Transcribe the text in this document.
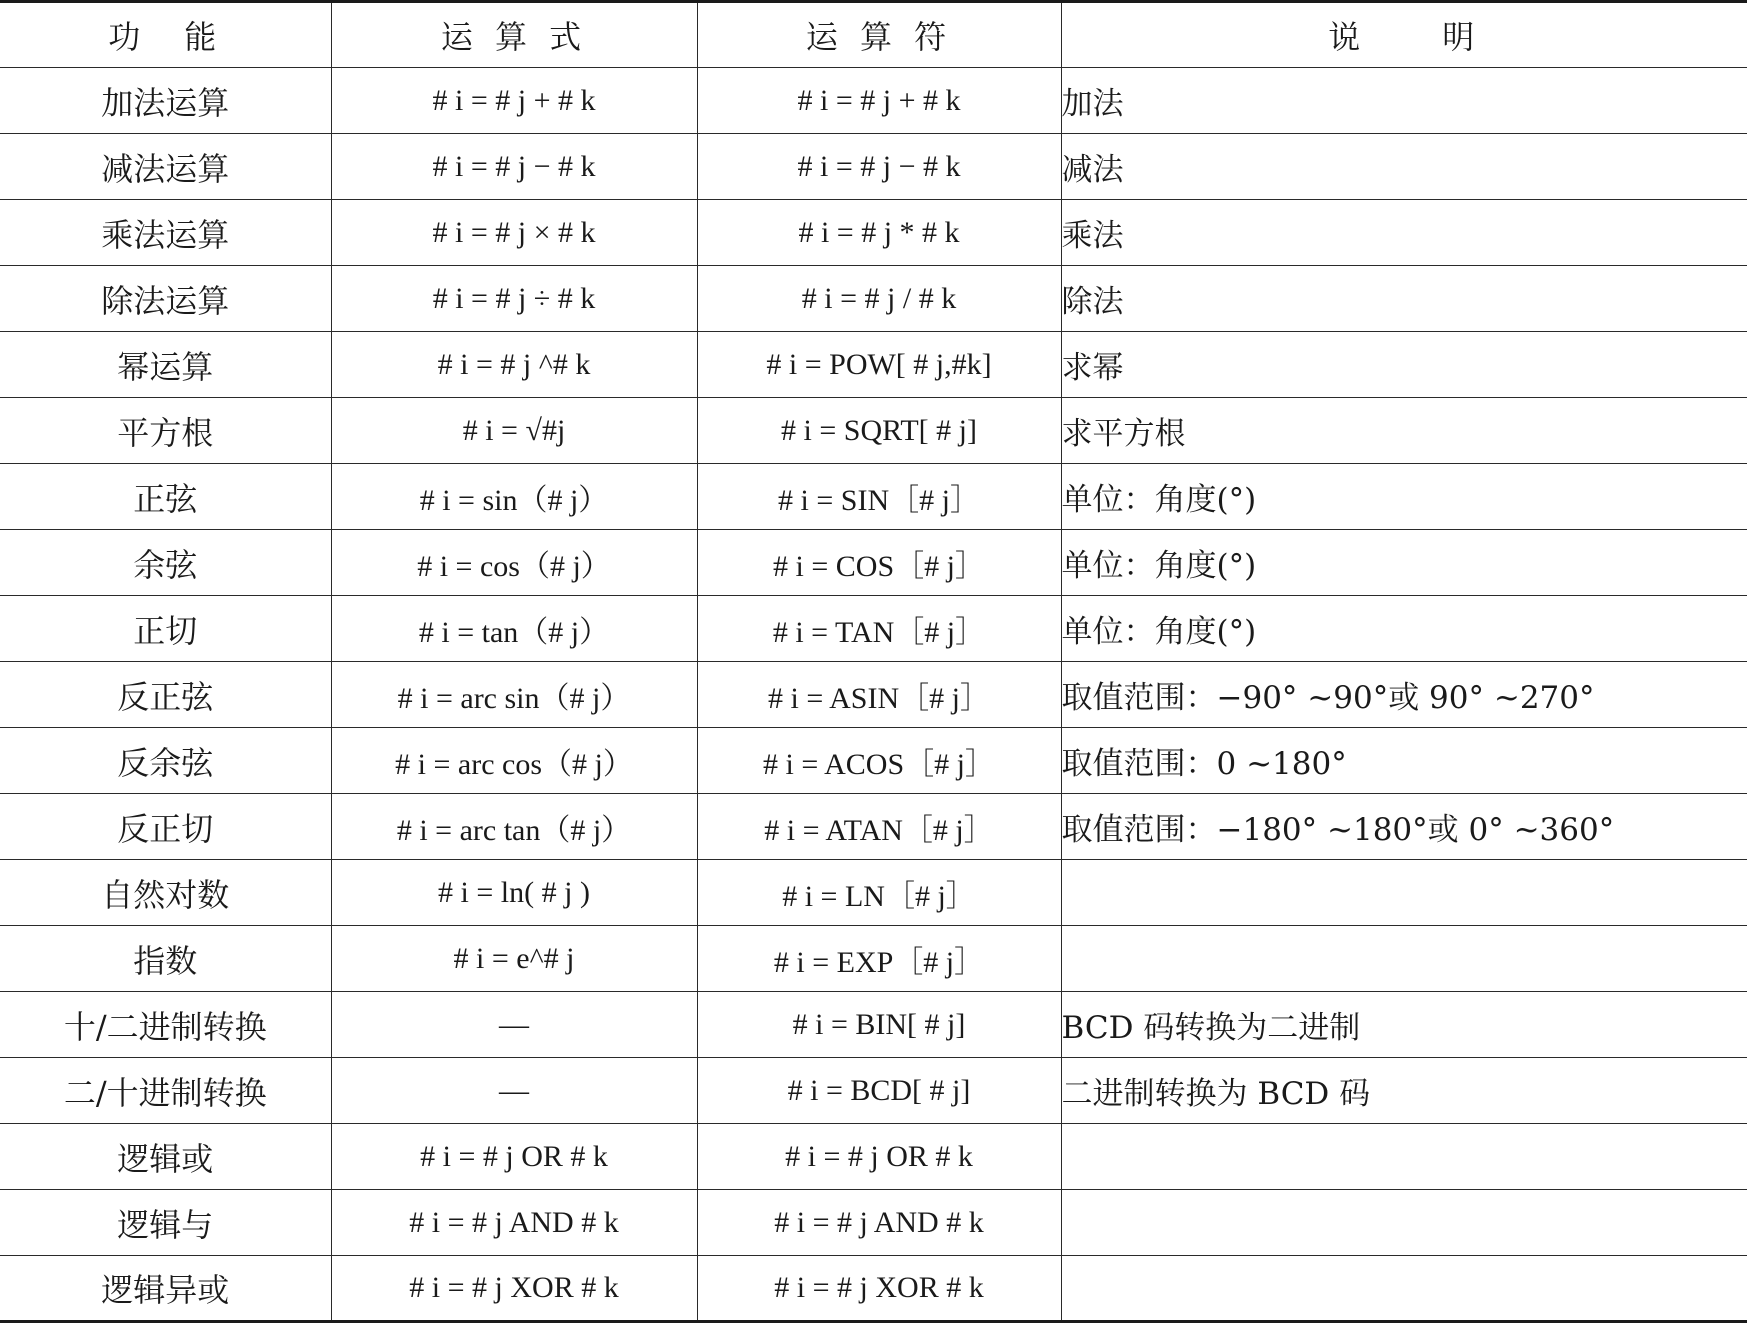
功　能	运 算 式	运 算 符	说　　明
加法运算	# i = # j + # k	# i = # j + # k	加法
减法运算	# i = # j − # k	# i = # j − # k	减法
乘法运算	# i = # j × # k	# i = # j * # k	乘法
除法运算	# i = # j ÷ # k	# i = # j / # k	除法
幂运算	# i = # j ^# k	# i = POW[ # j,#k]	求幂
平方根	# i = √#j	# i = SQRT[ # j]	求平方根
正弦	# i = sin（# j）	# i = SIN［# j］	单位：角度(°)
余弦	# i = cos（# j）	# i = COS［# j］	单位：角度(°)
正切	# i = tan（# j）	# i = TAN［# j］	单位：角度(°)
反正弦	# i = arc sin（# j）	# i = ASIN［# j］	取值范围：−90° ~90°或 90° ~270°
反余弦	# i = arc cos（# j）	# i = ACOS［# j］	取值范围：0 ~180°
反正切	# i = arc tan（# j）	# i = ATAN［# j］	取值范围：−180° ~180°或 0° ~360°
自然对数	# i = ln( # j )	# i = LN［# j］	
指数	# i = e^# j	# i = EXP［# j］	
十/二进制转换	—	# i = BIN[ # j]	BCD 码转换为二进制
二/十进制转换	—	# i = BCD[ # j]	二进制转换为 BCD 码
逻辑或	# i = # j OR # k	# i = # j OR # k	
逻辑与	# i = # j AND # k	# i = # j AND # k	
逻辑异或	# i = # j XOR # k	# i = # j XOR # k	
